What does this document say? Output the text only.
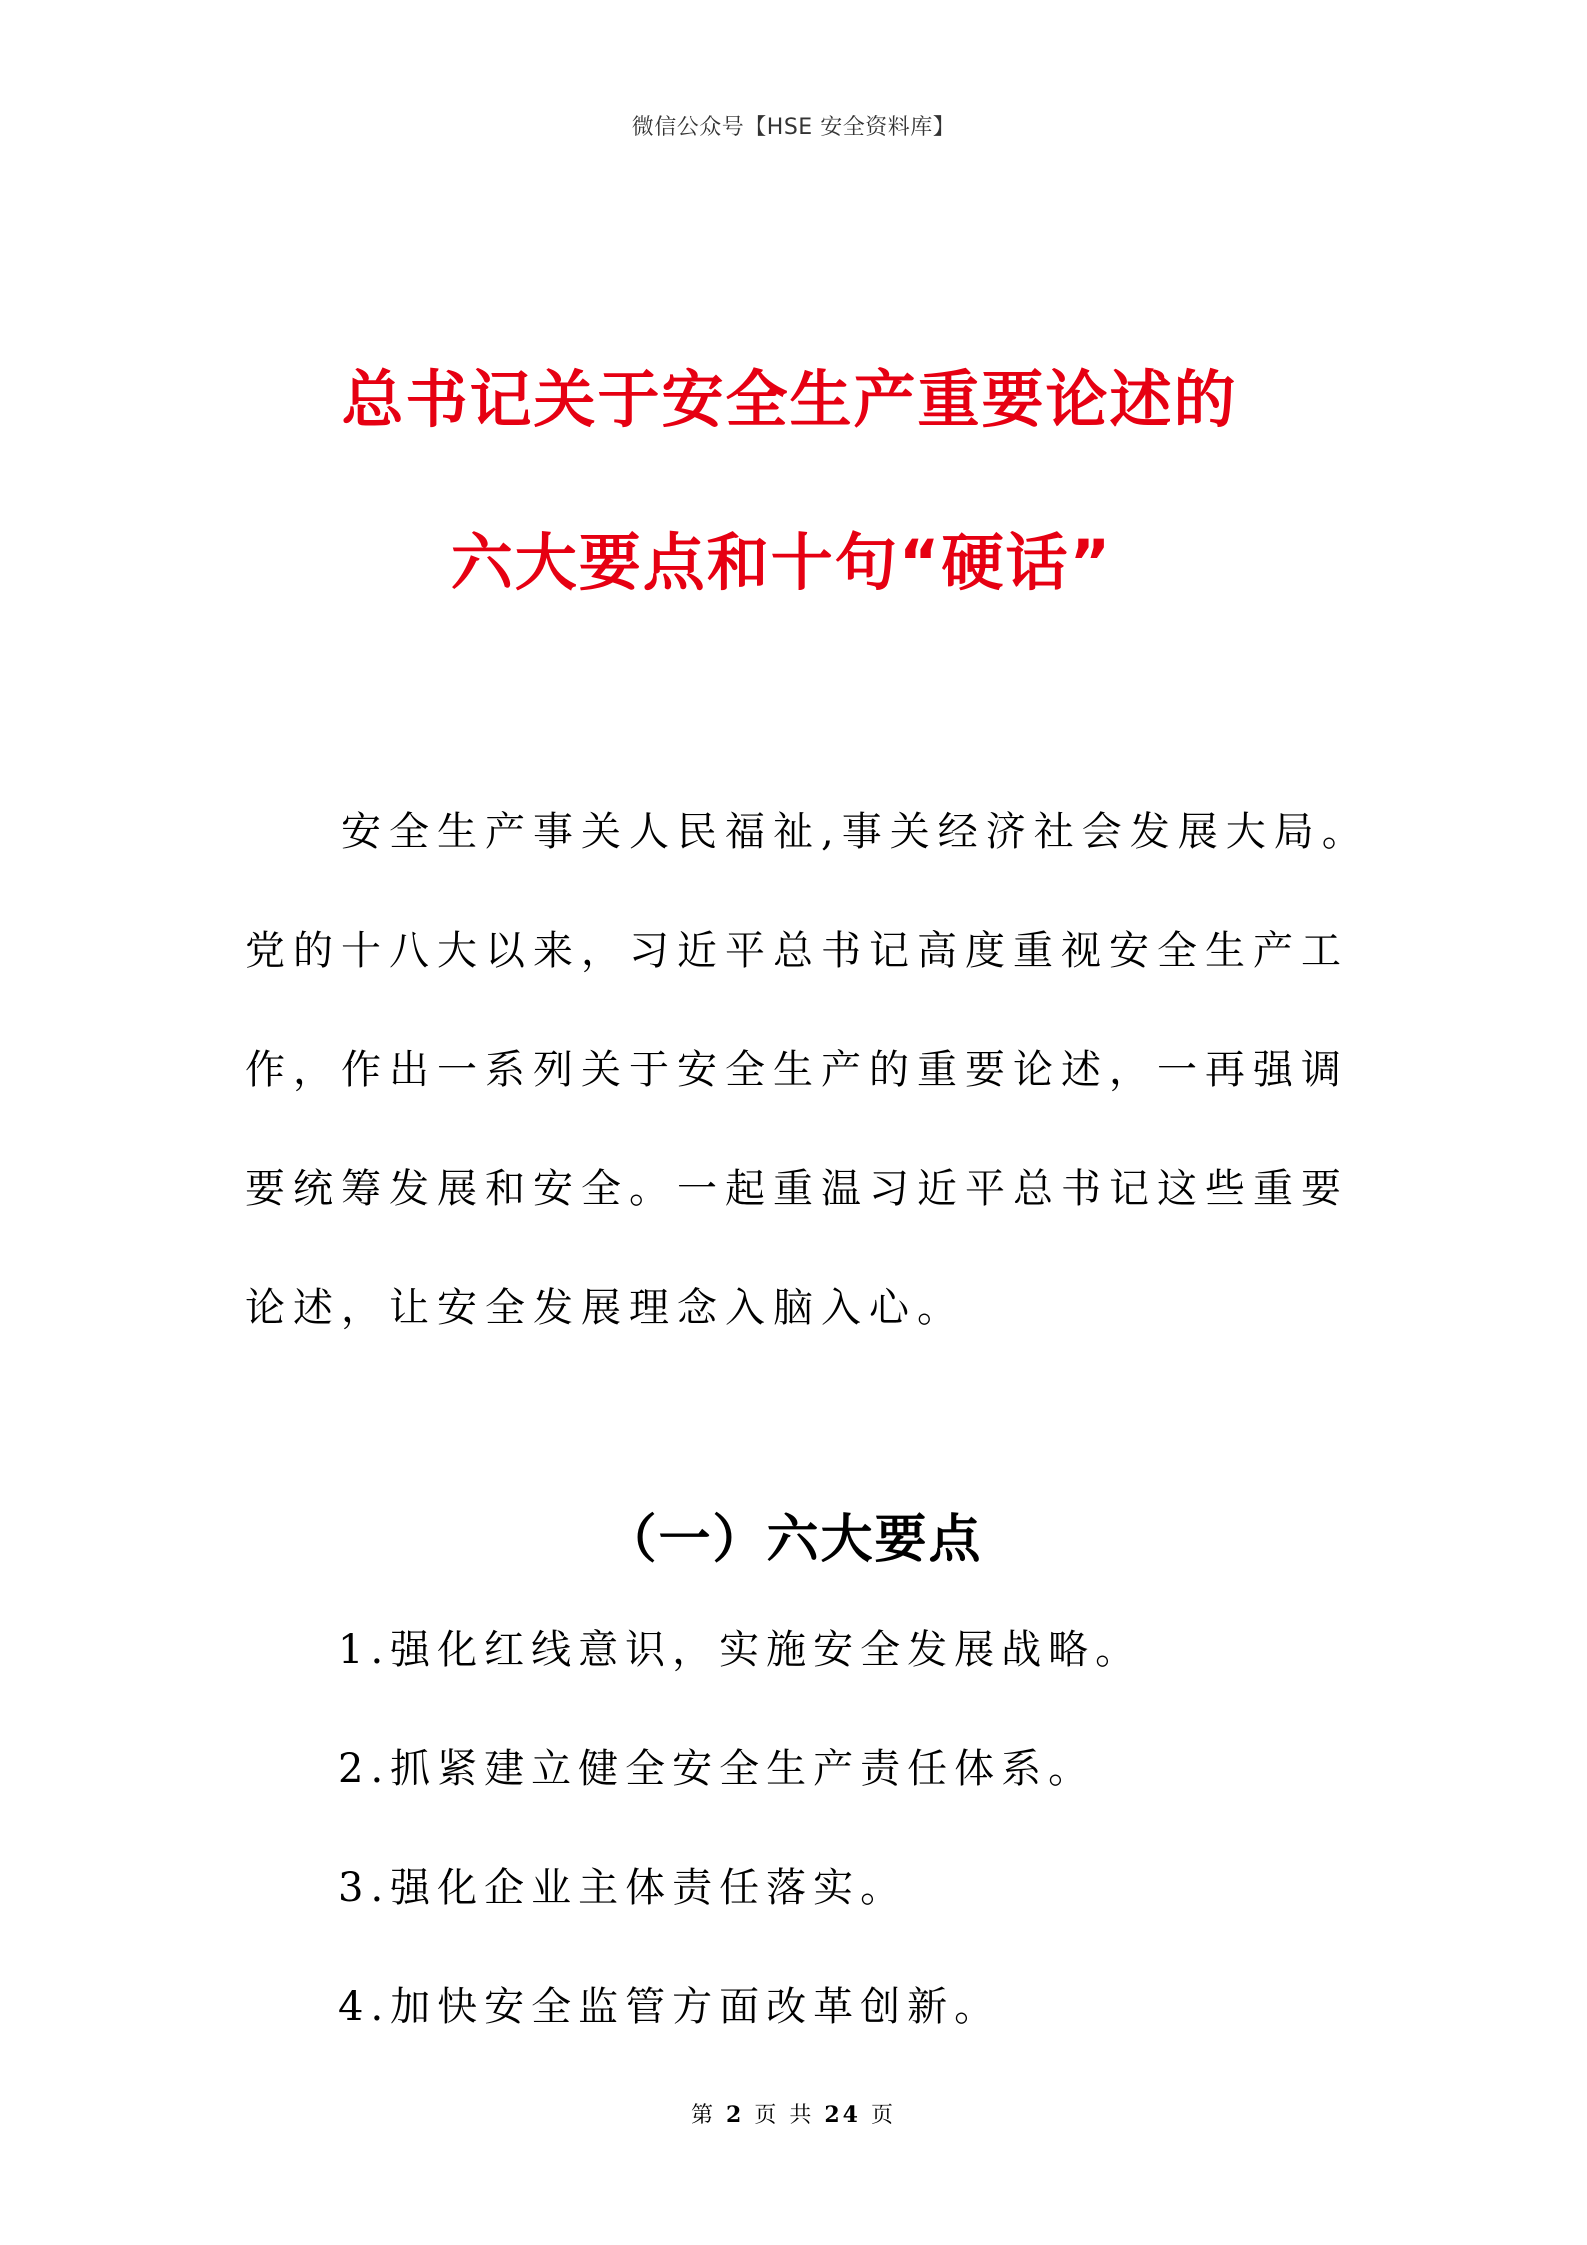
微信公众号【HSE 安全资料库】
总书记关于安全生产重要论述的
六大要点和十句“硬话”
安全生产事关人民福祉,事关经济社会发展大局。
党的十八大以来，习近平总书记高度重视安全生产工
作，作出一系列关于安全生产的重要论述，一再强调
要统筹发展和安全。一起重温习近平总书记这些重要
论述，让安全发展理念入脑入心。
（一）六大要点
1.强化红线意识，实施安全发展战略。
2.抓紧建立健全安全生产责任体系。
3.强化企业主体责任落实。
4.加快安全监管方面改革创新。
第 2 页 共 24 页
